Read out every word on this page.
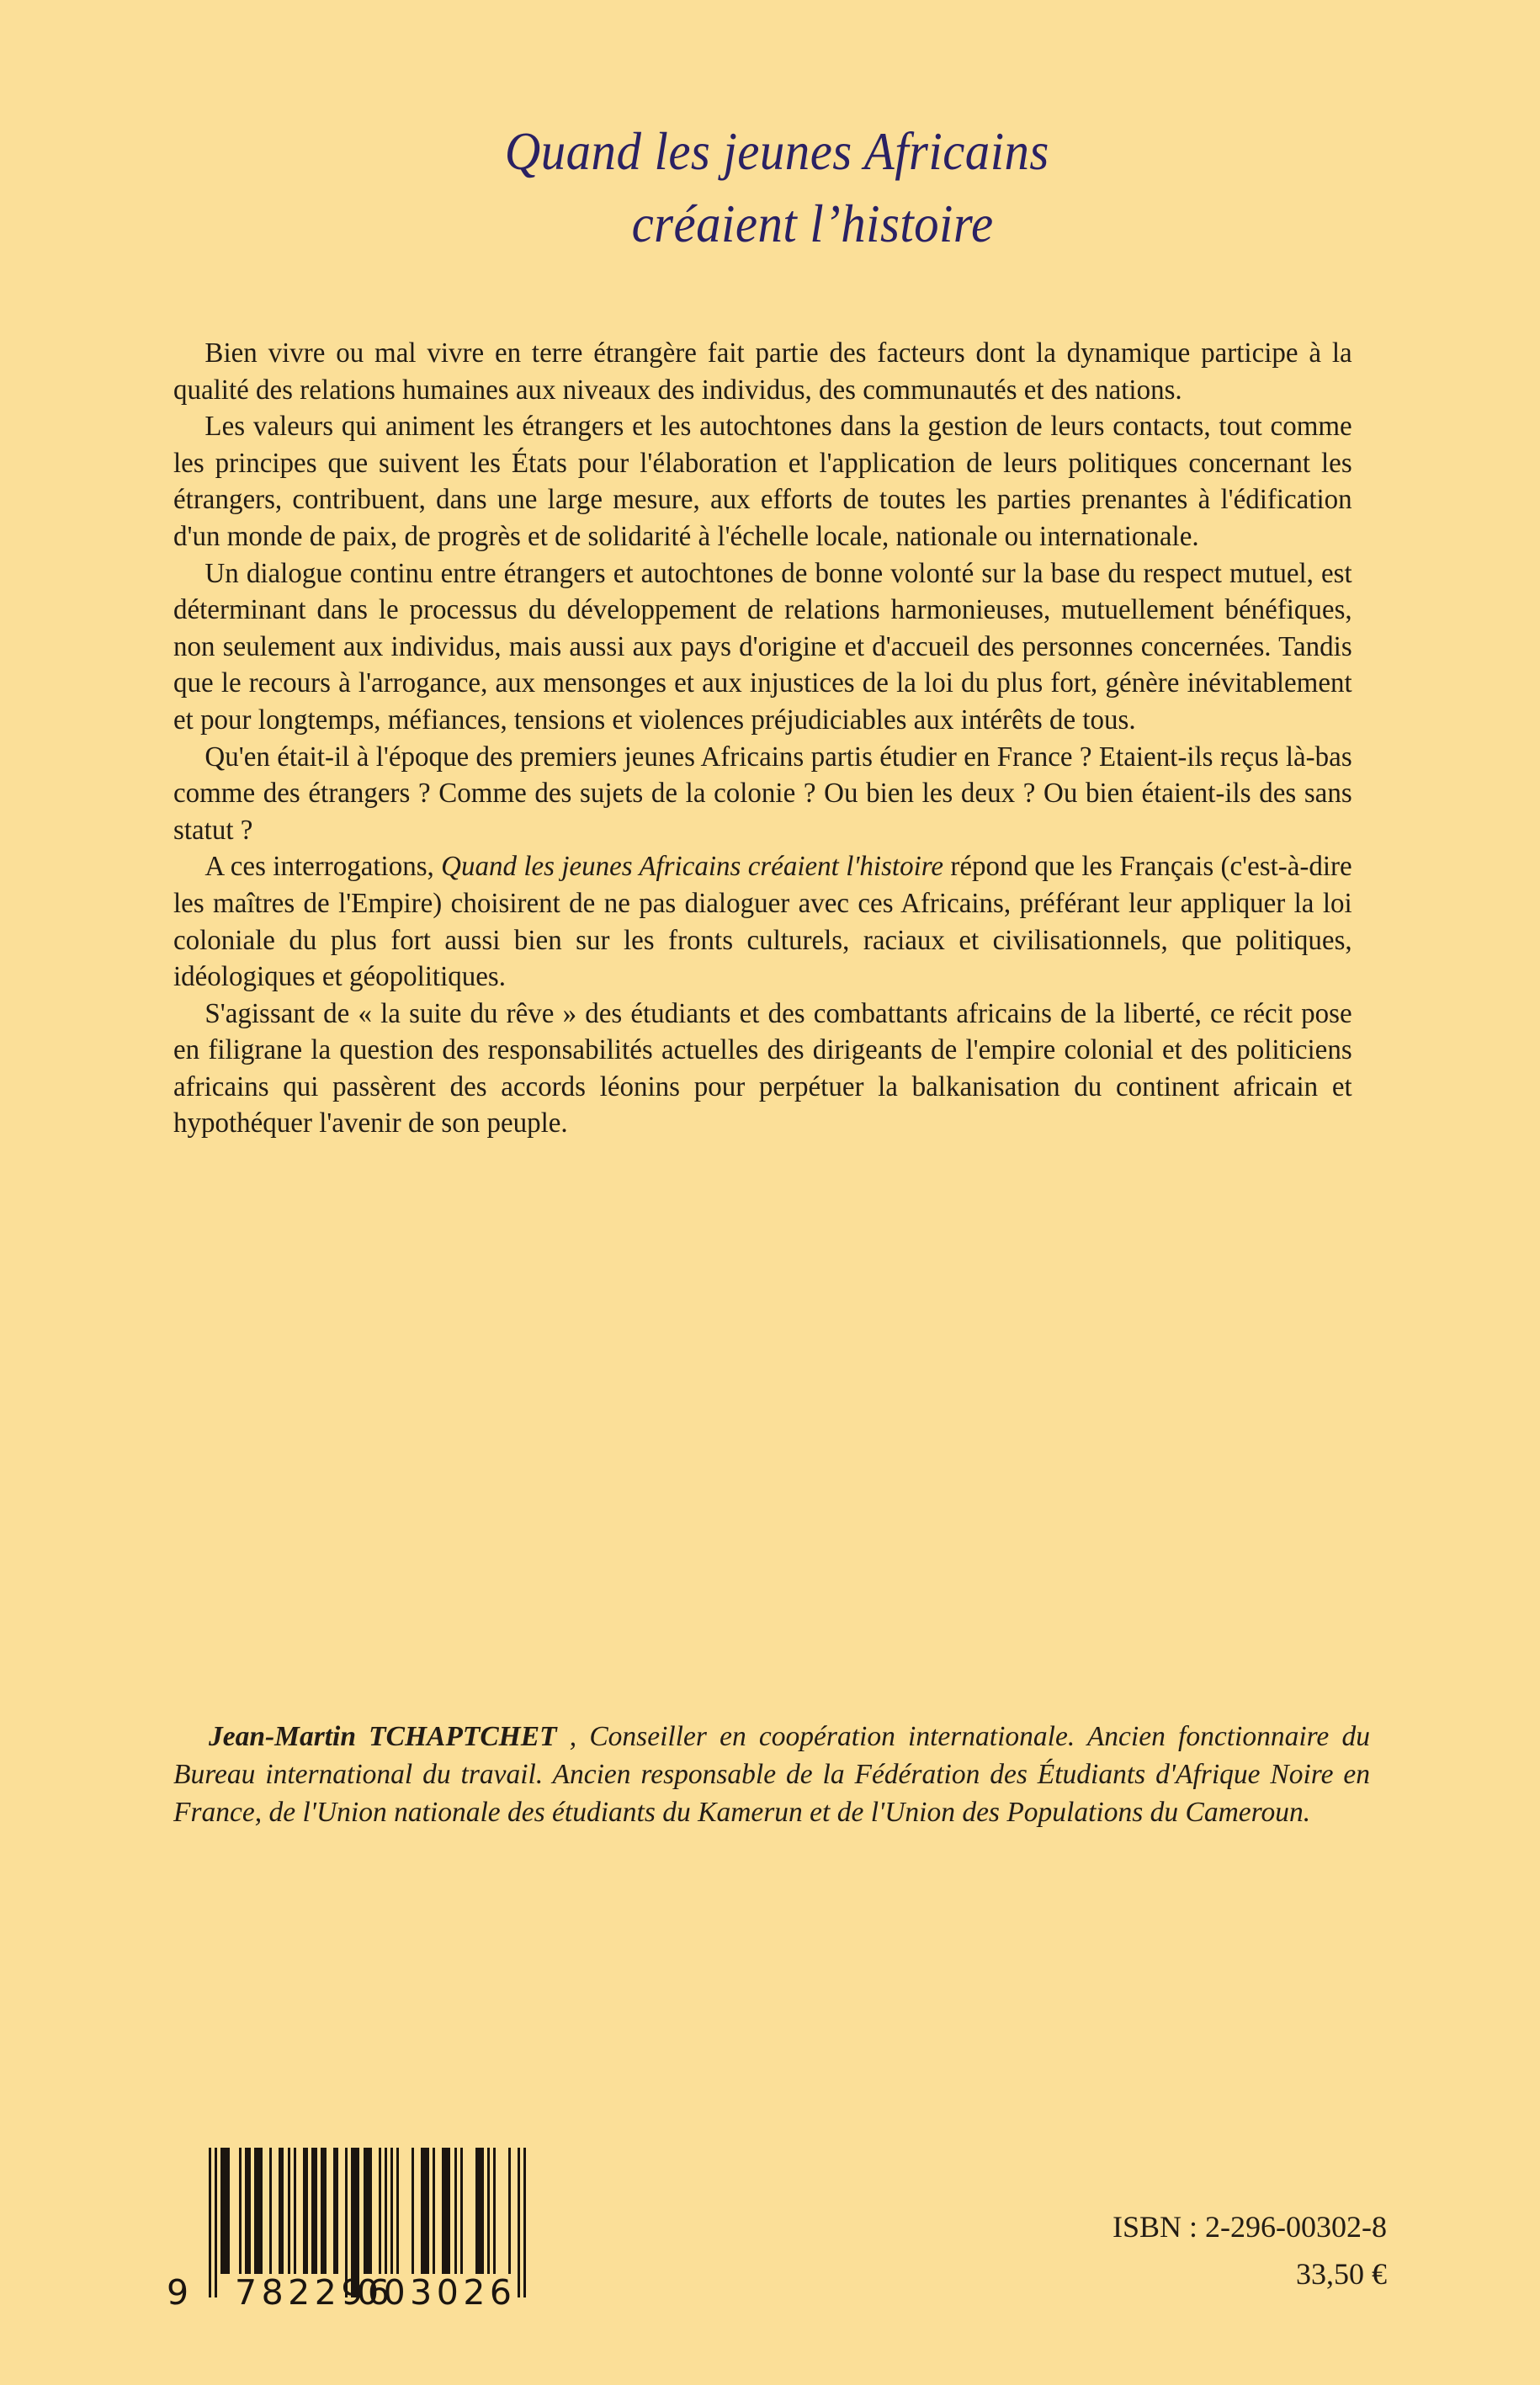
Quand les jeunes Africains
créaient l’histoire

Bien vivre ou mal vivre en terre étrangère fait partie des facteurs dont la dynamique participe à la qualité des relations humaines aux niveaux des individus, des communautés et des nations.

Les valeurs qui animent les étrangers et les autochtones dans la gestion de leurs contacts, tout comme les principes que suivent les États pour l'élaboration et l'application de leurs politiques concernant les étrangers, contribuent, dans une large mesure, aux efforts de toutes les parties prenantes à l'édification d'un monde de paix, de progrès et de solidarité à l'échelle locale, nationale ou internationale.

Un dialogue continu entre étrangers et autochtones de bonne volonté sur la base du respect mutuel, est déterminant dans le processus du développement de relations harmonieuses, mutuellement bénéfiques, non seulement aux individus, mais aussi aux pays d'origine et d'accueil des personnes concernées. Tandis que le recours à l'arrogance, aux mensonges et aux injustices de la loi du plus fort, génère inévitablement et pour longtemps, méfiances, tensions et violences préjudiciables aux intérêts de tous.

Qu'en était-il à l'époque des premiers jeunes Africains partis étudier en France ? Etaient-ils reçus là-bas comme des étrangers ? Comme des sujets de la colonie ? Ou bien les deux ? Ou bien étaient-ils des sans statut ?

A ces interrogations, Quand les jeunes Africains créaient l'histoire répond que les Français (c'est-à-dire les maîtres de l'Empire) choisirent de ne pas dialoguer avec ces Africains, préférant leur appliquer la loi coloniale du plus fort aussi bien sur les fronts culturels, raciaux et civilisationnels, que politiques, idéologiques et géopolitiques.

S'agissant de « la suite du rêve » des étudiants et des combattants africains de la liberté, ce récit pose en filigrane la question des responsabilités actuelles des dirigeants de l'empire colonial et des politiciens africains qui passèrent des accords léonins pour perpétuer la balkanisation du continent africain et hypothéquer l'avenir de son peuple.

Jean-Martin TCHAPTCHET , Conseiller en coopération internationale. Ancien fonctionnaire du Bureau international du travail. Ancien responsable de la Fédération des Étudiants d'Afrique Noire en France, de l'Union nationale des étudiants du Kamerun et de l'Union des Populations du Cameroun.

9 782296
003026
ISBN : 2-296-00302-8
33,50 €
